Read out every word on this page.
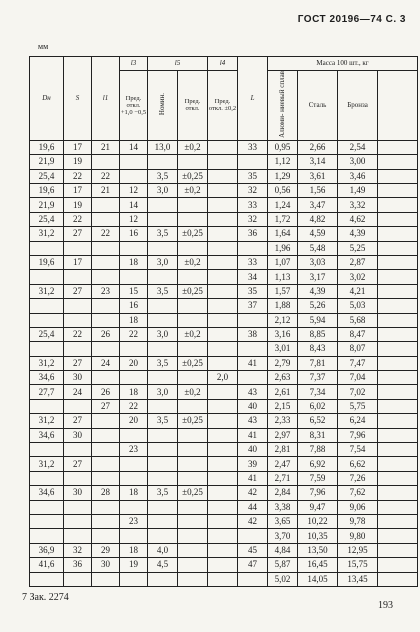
ГОСТ 20196—74 С. 3
мм
Dн	S	l1	l3	l5		l4	L	Масса 100 шт., кг			
			Пред. откл. +1,0 −0,5	Номин.	Пред. откл.	Пред. откл. ±0,2		Алюми- ниевый сплав	Сталь	Бронза	
19,6	17	21	14	13,0	±0,2		33	0,95	2,66	2,54	
21,9	19							1,12	3,14	3,00	
25,4	22	22		3,5	±0,25		35	1,29	3,61	3,46	
19,6	17	21	12	3,0	±0,2		32	0,56	1,56	1,49	
21,9	19		14				33	1,24	3,47	3,32	
25,4	22		12				32	1,72	4,82	4,62	
31,2	27	22	16	3,5	±0,25		36	1,64	4,59	4,39	
								1,96	5,48	5,25	
19,6	17		18	3,0	±0,2		33	1,07	3,03	2,87	
							34	1,13	3,17	3,02	
31,2	27	23	15	3,5	±0,25		35	1,57	4,39	4,21	
			16				37	1,88	5,26	5,03	
			18					2,12	5,94	5,68	
25,4	22	26	22	3,0	±0,2		38	3,16	8,85	8,47	
								3,01	8,43	8,07	
31,2	27	24	20	3,5	±0,25		41	2,79	7,81	7,47	
34,6	30					2,0		2,63	7,37	7,04	
27,7	24	26	18	3,0	±0,2		43	2,61	7,34	7,02	
		27	22				40	2,15	6,02	5,75	
31,2	27		20	3,5	±0,25		43	2,33	6,52	6,24	
34,6	30						41	2,97	8,31	7,96	
			23				40	2,81	7,88	7,54	
31,2	27						39	2,47	6,92	6,62	
							41	2,71	7,59	7,26	
34,6	30	28	18	3,5	±0,25		42	2,84	7,96	7,62	
							44	3,38	9,47	9,06	
			23				42	3,65	10,22	9,78	
								3,70	10,35	9,80	
36,9	32	29	18	4,0			45	4,84	13,50	12,95	
41,6	36	30	19	4,5			47	5,87	16,45	15,75	
								5,02	14,05	13,45	
7 Зак. 2274
193
